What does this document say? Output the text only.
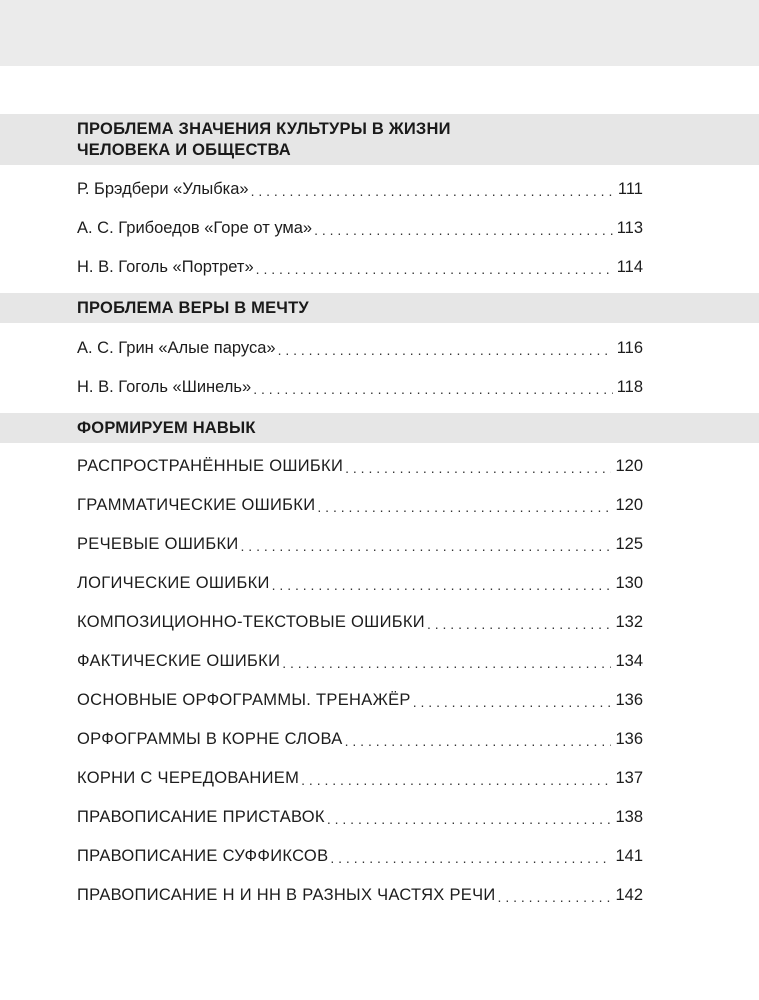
ПРОБЛЕМА ЗНАЧЕНИЯ КУЛЬТУРЫ В ЖИЗНИ
ЧЕЛОВЕКА И ОБЩЕСТВА
Р. Брэдбери «Улыбка» . . .	111
А. С. Грибоедов «Горе от ума» . . .	113
Н. В. Гоголь «Портрет» . . .	114
ПРОБЛЕМА ВЕРЫ В МЕЧТУ
А. С. Грин «Алые паруса» . . .	116
Н. В. Гоголь «Шинель» . . .	118
ФОРМИРУЕМ НАВЫК
РАСПРОСТРАНЁННЫЕ ОШИБКИ . . .	120
ГРАММАТИЧЕСКИЕ ОШИБКИ . . .	120
РЕЧЕВЫЕ ОШИБКИ . . .	125
ЛОГИЧЕСКИЕ ОШИБКИ . . .	130
КОМПОЗИЦИОННО-ТЕКСТОВЫЕ ОШИБКИ . . .	132
ФАКТИЧЕСКИЕ ОШИБКИ . . .	134
ОСНОВНЫЕ ОРФОГРАММЫ. ТРЕНАЖЁР . . .	136
ОРФОГРАММЫ В КОРНЕ СЛОВА . . .	136
КОРНИ С ЧЕРЕДОВАНИЕМ . . .	137
ПРАВОПИСАНИЕ ПРИСТАВОК . . .	138
ПРАВОПИСАНИЕ СУФФИКСОВ . . .	141
ПРАВОПИСАНИЕ Н И НН В РАЗНЫХ ЧАСТЯХ РЕЧИ . . .	142
